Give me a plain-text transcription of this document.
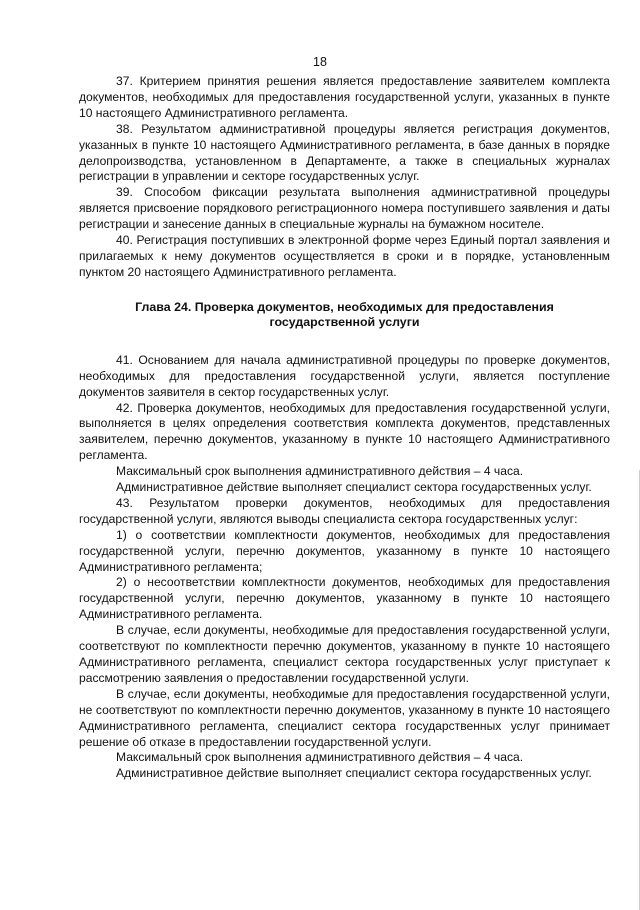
18

37. Критерием принятия решения является предоставление заявителем комплекта документов, необходимых для предоставления государственной услуги, указанных в пункте 10 настоящего Административного регламента.

38. Результатом административной процедуры является регистрация документов, указанных в пункте 10 настоящего Административного регламента, в базе данных в порядке делопроизводства, установленном в Департаменте, а также в специальных журналах регистрации в управлении и секторе государственных услуг.

39. Способом фиксации результата выполнения административной процедуры является присвоение порядкового регистрационного номера поступившего заявления и даты регистрации и занесение данных в специальные журналы на бумажном носителе.

40. Регистрация поступивших в электронной форме через Единый портал заявления и прилагаемых к нему документов осуществляется в сроки и в порядке, установленным пунктом 20 настоящего Административного регламента.

Глава 24. Проверка документов, необходимых для предоставления
государственной услуги

41. Основанием для начала административной процедуры по проверке документов, необходимых для предоставления государственной услуги, является поступление документов заявителя в сектор государственных услуг.

42. Проверка документов, необходимых для предоставления государственной услуги, выполняется в целях определения соответствия комплекта документов, представленных заявителем, перечню документов, указанному в пункте 10 настоящего Административного регламента.

Максимальный срок выполнения административного действия – 4 часа.

Административное действие выполняет специалист сектора государственных услуг.

43. Результатом проверки документов, необходимых для предоставления государственной услуги, являются выводы специалиста сектора государственных услуг:

1) о соответствии комплектности документов, необходимых для предоставления государственной услуги, перечню документов, указанному в пункте 10 настоящего Административного регламента;

2) о несоответствии комплектности документов, необходимых для предоставления государственной услуги, перечню документов, указанному в пункте 10 настоящего Административного регламента.

В случае, если документы, необходимые для предоставления государственной услуги, соответствуют по комплектности перечню документов, указанному в пункте 10 настоящего Административного регламента, специалист сектора государственных услуг приступает к рассмотрению заявления о предоставлении государственной услуги.

В случае, если документы, необходимые для предоставления государственной услуги, не соответствуют по комплектности перечню документов, указанному в пункте 10 настоящего Административного регламента, специалист сектора государственных услуг принимает решение об отказе в предоставлении государственной услуги.

Максимальный срок выполнения административного действия – 4 часа.

Административное действие выполняет специалист сектора государственных услуг.
